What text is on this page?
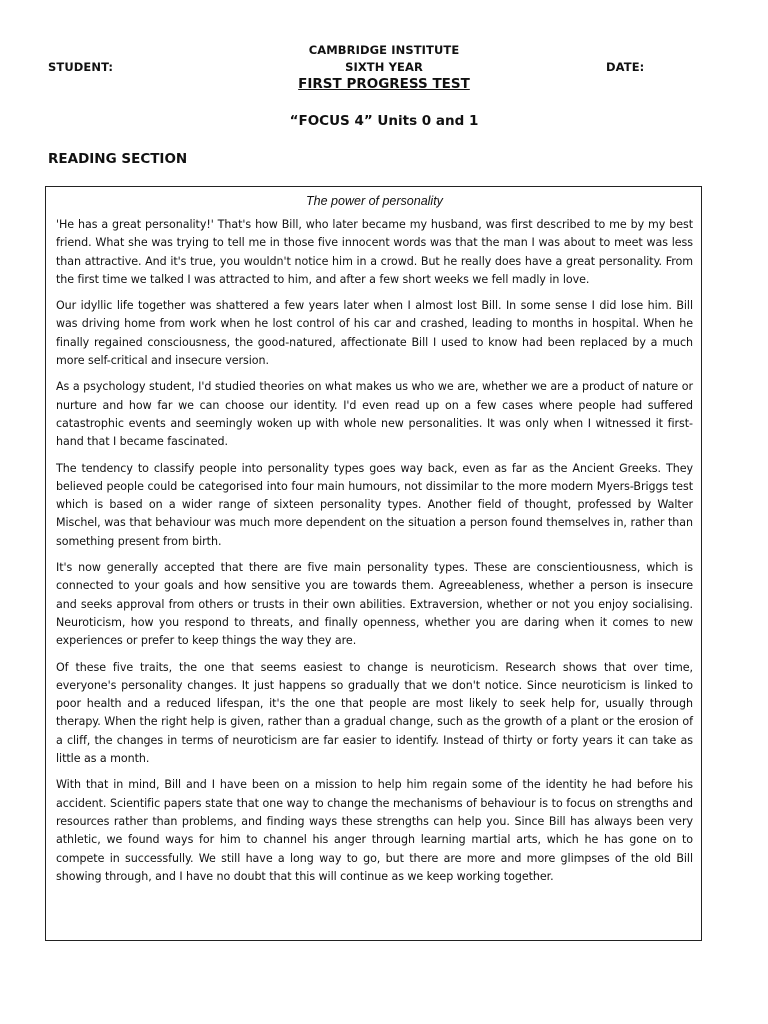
CAMBRIDGE INSTITUTE
STUDENT:	SIXTH YEAR	DATE:
FIRST PROGRESS TEST
“FOCUS 4” Units 0 and 1
READING SECTION
The power of personality

'He has a great personality!' That's how Bill, who later became my husband, was first described to me by my best friend. What she was trying to tell me in those five innocent words was that the man I was about to meet was less than attractive. And it's true, you wouldn't notice him in a crowd. But he really does have a great personality. From the first time we talked I was attracted to him, and after a few short weeks we fell madly in love.

Our idyllic life together was shattered a few years later when I almost lost Bill. In some sense I did lose him. Bill was driving home from work when he lost control of his car and crashed, leading to months in hospital. When he finally regained consciousness, the good-natured, affectionate Bill I used to know had been replaced by a much more self-critical and insecure version.

As a psychology student, I'd studied theories on what makes us who we are, whether we are a product of nature or nurture and how far we can choose our identity. I'd even read up on a few cases where people had suffered catastrophic events and seemingly woken up with whole new personalities. It was only when I witnessed it first-hand that I became fascinated.

The tendency to classify people into personality types goes way back, even as far as the Ancient Greeks. They believed people could be categorised into four main humours, not dissimilar to the more modern Myers-Briggs test which is based on a wider range of sixteen personality types. Another field of thought, professed by Walter Mischel, was that behaviour was much more dependent on the situation a person found themselves in, rather than something present from birth.

It's now generally accepted that there are five main personality types. These are conscientiousness, which is connected to your goals and how sensitive you are towards them. Agreeableness, whether a person is insecure and seeks approval from others or trusts in their own abilities. Extraversion, whether or not you enjoy socialising. Neuroticism, how you respond to threats, and finally openness, whether you are daring when it comes to new experiences or prefer to keep things the way they are.

Of these five traits, the one that seems easiest to change is neuroticism. Research shows that over time, everyone's personality changes. It just happens so gradually that we don't notice. Since neuroticism is linked to poor health and a reduced lifespan, it's the one that people are most likely to seek help for, usually through therapy. When the right help is given, rather than a gradual change, such as the growth of a plant or the erosion of a cliff, the changes in terms of neuroticism are far easier to identify. Instead of thirty or forty years it can take as little as a month.

With that in mind, Bill and I have been on a mission to help him regain some of the identity he had before his accident. Scientific papers state that one way to change the mechanisms of behaviour is to focus on strengths and resources rather than problems, and finding ways these strengths can help you. Since Bill has always been very athletic, we found ways for him to channel his anger through learning martial arts, which he has gone on to compete in successfully. We still have a long way to go, but there are more and more glimpses of the old Bill showing through, and I have no doubt that this will continue as we keep working together.
